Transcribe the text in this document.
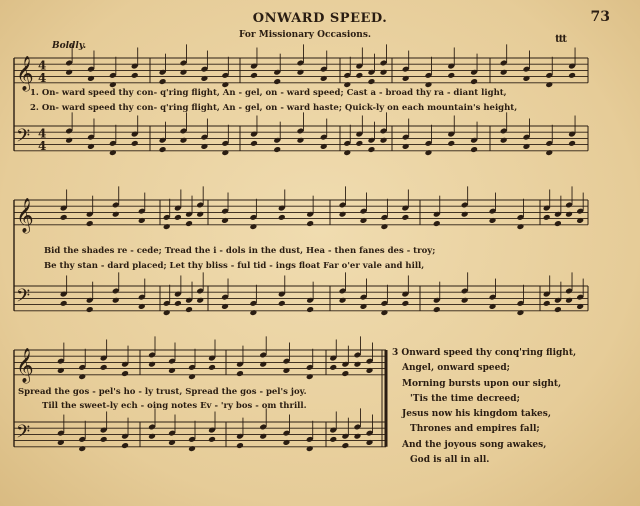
ONWARD SPEED.
For Missionary Occasions.
73
Boldly.
ttt
𝄞 4
4
𝄢 4
4
𝄞
𝄢
𝄞
𝄢
1. On- ward speed thy con- q'ring flight, An - gel, on - ward speed; Cast a - broad thy ra - diant light,
2. On- ward speed thy con- q'ring flight, An - gel, on - ward haste; Quick-ly on each mountain's height,
Bid the shades re - cede; Tread the i - dols in the dust, Hea - then fanes des - troy;
Be thy stan - dard placed; Let thy bliss - ful tid - ings float Far o'er vale and hill,
Spread the gos - pel's ho - ly trust, Spread the gos - pel's joy.
Till the sweet-ly ech - oing notes Ev - 'ry bos - om thrill.
3 Onward speed thy conq'ring flight,
Angel, onward speed;
Morning bursts upon our sight,
'Tis the time decreed;
Jesus now his kingdom takes,
Thrones and empires fall;
And the joyous song awakes,
God is all in all.
